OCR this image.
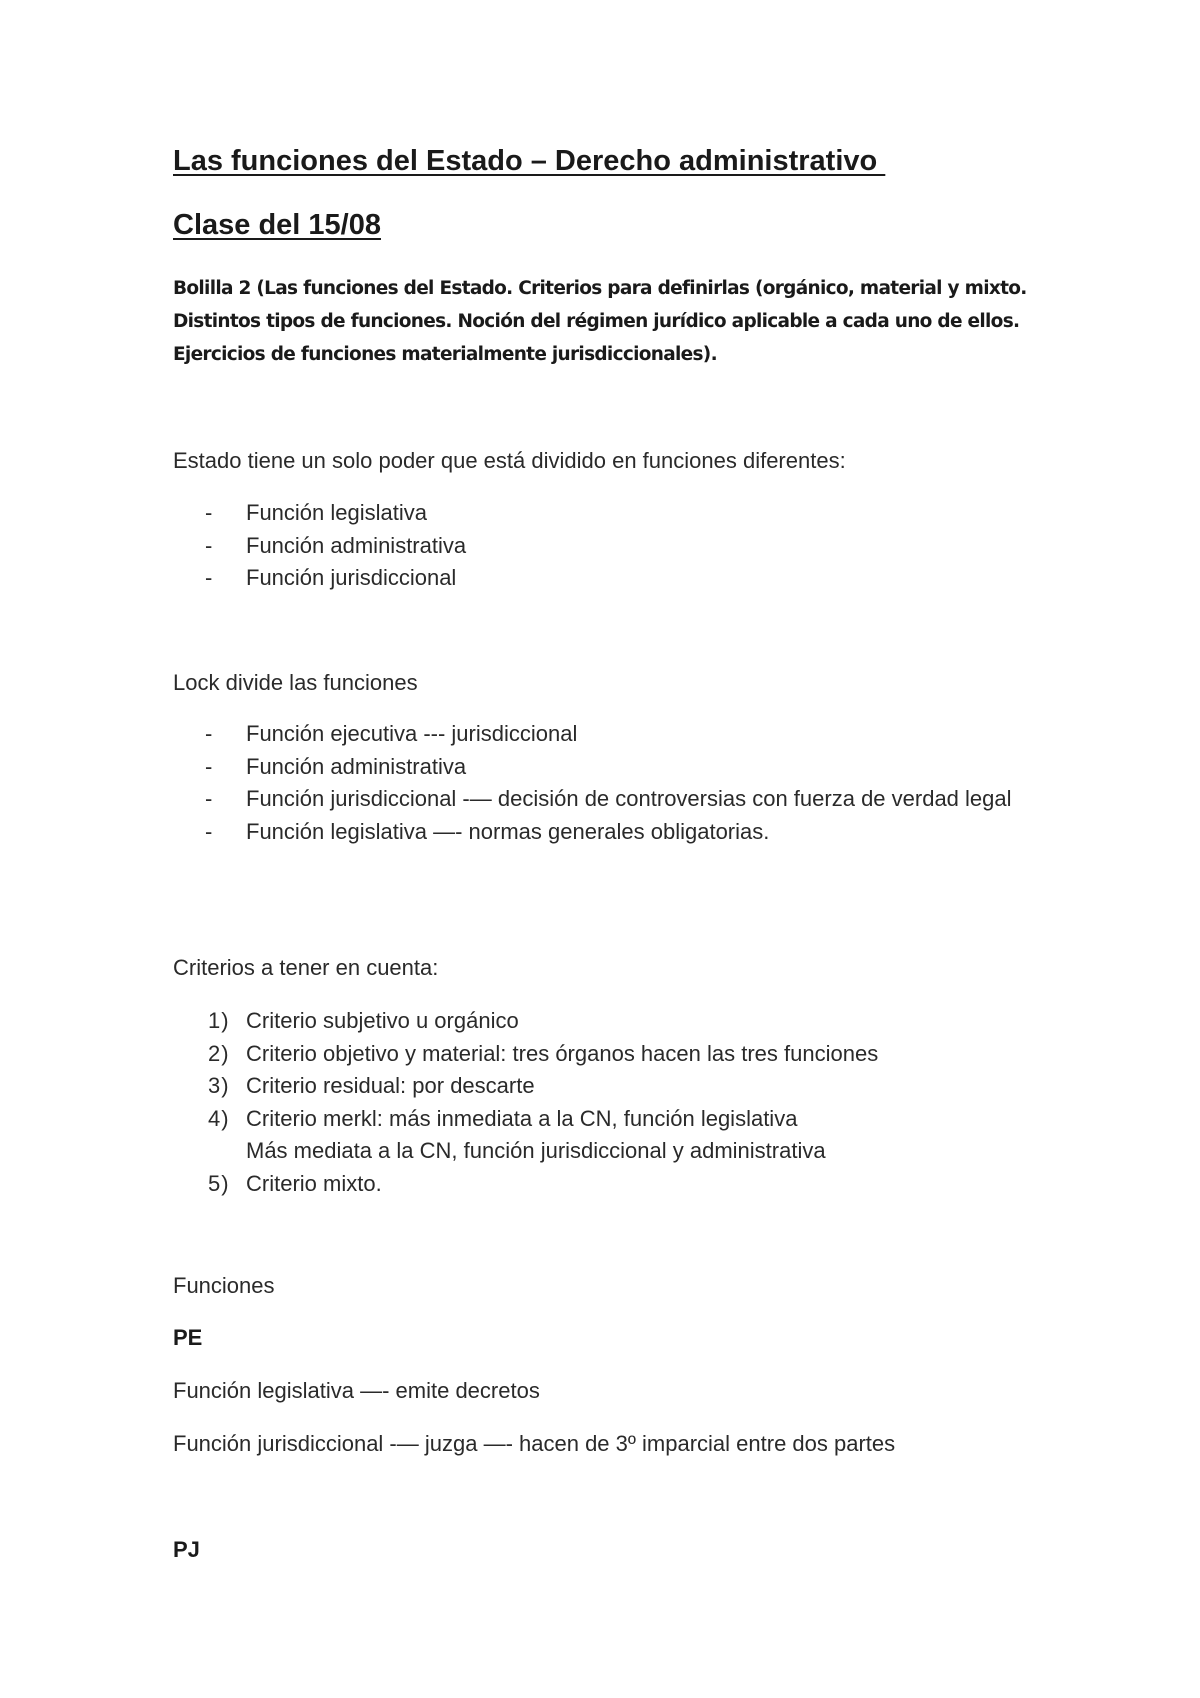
Las funciones del Estado – Derecho administrativo
Clase del 15/08
Bolilla 2 (Las funciones del Estado. Criterios para definirlas (orgánico, material y mixto. Distintos tipos de funciones. Noción del régimen jurídico aplicable a cada uno de ellos. Ejercicios de funciones materialmente jurisdiccionales).
Estado tiene un solo poder que está dividido en funciones diferentes:
- Función legislativa
- Función administrativa
- Función jurisdiccional
Lock divide las funciones
- Función ejecutiva --- jurisdiccional
- Función administrativa
- Función jurisdiccional -— decisión de controversias con fuerza de verdad legal
- Función legislativa —- normas generales obligatorias.
Criterios a tener en cuenta:
1) Criterio subjetivo u orgánico
2) Criterio objetivo y material: tres órganos hacen las tres funciones
3) Criterio residual: por descarte
4) Criterio merkl: más inmediata a la CN, función legislativa
Más mediata a la CN, función jurisdiccional y administrativa
5) Criterio mixto.
Funciones
PE
Función legislativa —- emite decretos
Función jurisdiccional -— juzga —- hacen de 3º imparcial entre dos partes
PJ
